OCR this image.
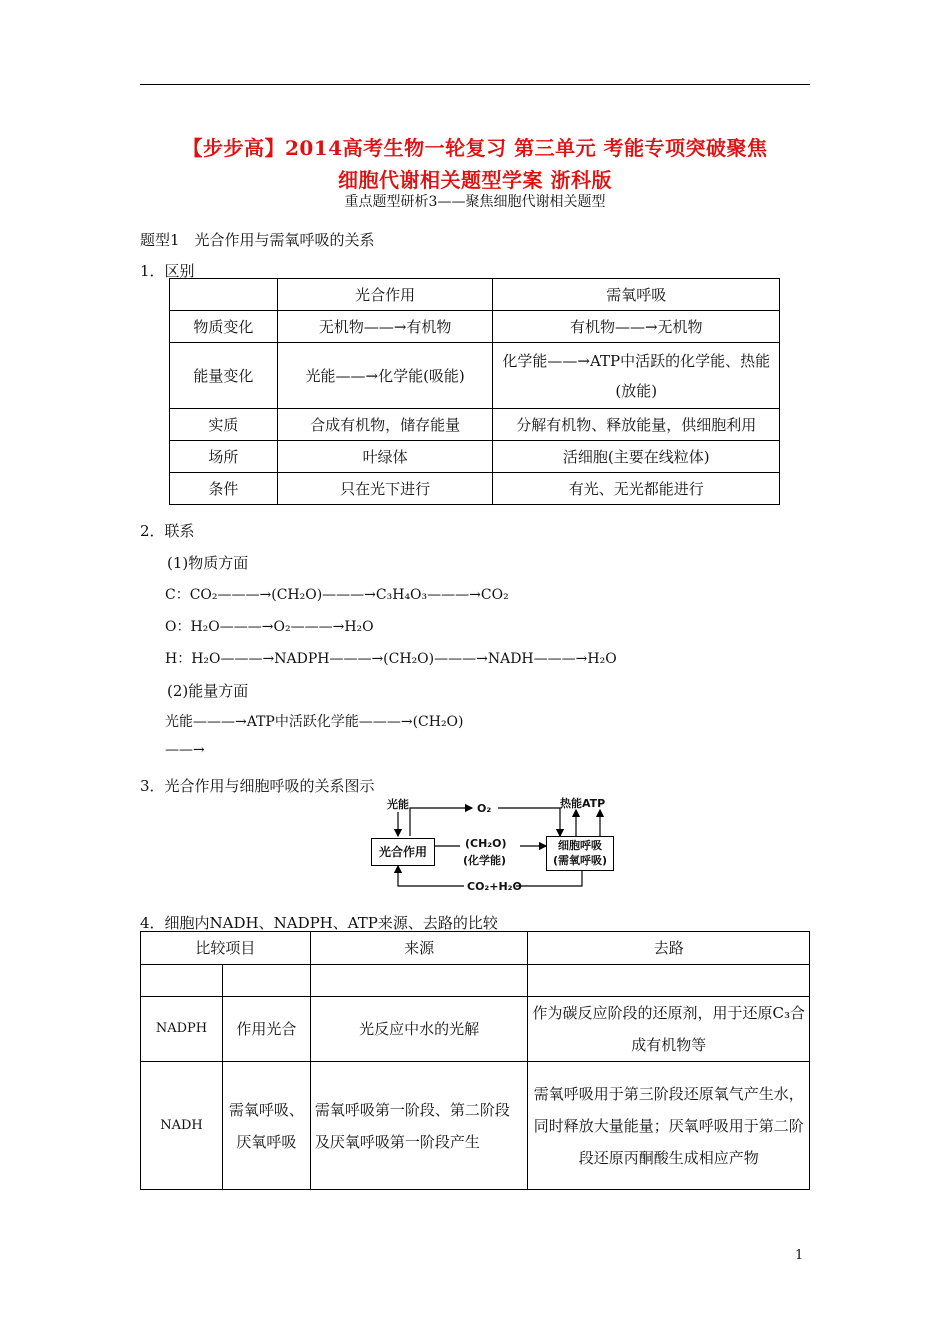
【步步高】2014高考生物一轮复习 第三单元 考能专项突破聚焦
细胞代谢相关题型学案 浙科版
重点题型研析3——聚焦细胞代谢相关题型
题型1　光合作用与需氧呼吸的关系
1．区别
	光合作用	需氧呼吸
物质变化	无机物——→有机物	有机物——→无机物
能量变化	光能——→化学能(吸能)	化学能——→ATP中活跃的化学能、热能(放能)
实质	合成有机物，储存能量	分解有机物、释放能量，供细胞利用
场所	叶绿体	活细胞(主要在线粒体)
条件	只在光下进行	有光、无光都能进行
2．联系
(1)物质方面
C：CO₂———→(CH₂O)———→C₃H₄O₃———→CO₂
O：H₂O———→O₂———→H₂O
H：H₂O———→NADPH———→(CH₂O)———→NADH———→H₂O
(2)能量方面
光能———→ATP中活跃化学能———→(CH₂O)
——→
3．光合作用与细胞呼吸的关系图示
光能	O₂	热能ATP
光合作用
(CH₂O)
(化学能)
细胞呼吸
(需氧呼吸)
CO₂+H₂O
4．细胞内NADH、NADPH、ATP来源、去路的比较
比较项目		来源	去路

NADPH	作用光合	光反应中水的光解	作为碳反应阶段的还原剂，用于还原C₃合成有机物等
NADH	需氧呼吸、厌氧呼吸	需氧呼吸第一阶段、第二阶段及厌氧呼吸第一阶段产生	需氧呼吸用于第三阶段还原氧气产生水，同时释放大量能量；厌氧呼吸用于第二阶段还原丙酮酸生成相应产物
1
